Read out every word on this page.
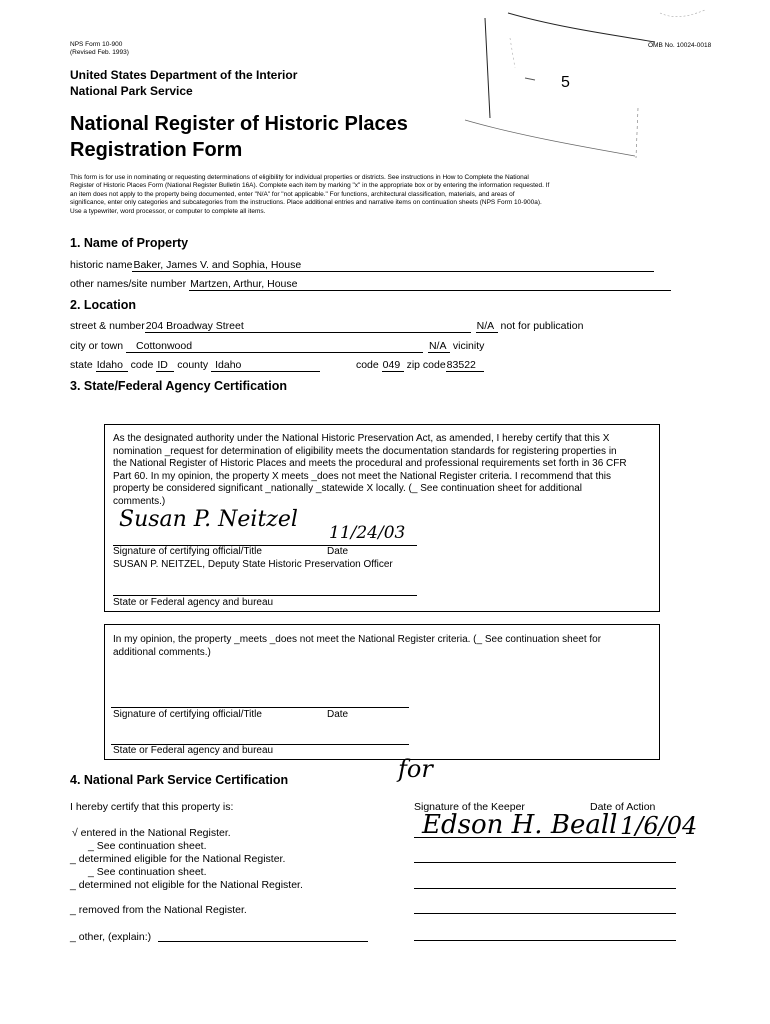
NPS Form 10-900
(Revised Feb. 1993)
OMB No. 10024-0018
United States Department of the Interior
National Park Service
National Register of Historic Places
Registration Form
5
This form is for use in nominating or requesting determinations of eligibility for individual properties or districts. See instructions in How to Complete the National
Register of Historic Places Form (National Register Bulletin 16A). Complete each item by marking "x" in the appropriate box or by entering the information requested. If
an item does not apply to the property being documented, enter "N/A" for "not applicable." For functions, architectural classification, materials, and areas of
significance, enter only categories and subcategories from the instructions. Place additional entries and narrative items on continuation sheets (NPS Form 10-900a).
Use a typewriter, word processor, or computer to complete all items.
1. Name of Property
historic nameBaker, James V. and Sophia, House
other names/site number Martzen, Arthur, House
2. Location
street & number204 Broadway Street	N/A not for publication
city or town Cottonwood	N/A vicinity
state Idaho code ID county Idaho	code 049 zip code83522
3. State/Federal Agency Certification
As the designated authority under the National Historic Preservation Act, as amended, I hereby certify that this X
nomination _request for determination of eligibility meets the documentation standards for registering properties in
the National Register of Historic Places and meets the procedural and professional requirements set forth in 36 CFR
Part 60. In my opinion, the property X meets _does not meet the National Register criteria. I recommend that this
property be considered significant _nationally _statewide X locally. (_ See continuation sheet for additional
comments.)
Susan P. Neitzel
11/24/03
Signature of certifying official/Title	Date
SUSAN P. NEITZEL, Deputy State Historic Preservation Officer
State or Federal agency and bureau
In my opinion, the property _meets _does not meet the National Register criteria. (_ See continuation sheet for
additional comments.)
Signature of certifying official/Title	Date
State or Federal agency and bureau
4. National Park Service Certification
I hereby certify that this property is:	Signature of the Keeper	Date of Action
for
Edson H. Beall 1/6/04
√ entered in the National Register.
_ See continuation sheet.
_ determined eligible for the National Register.
_ See continuation sheet.
_ determined not eligible for the National Register.
_ removed from the National Register.
_ other, (explain:)
